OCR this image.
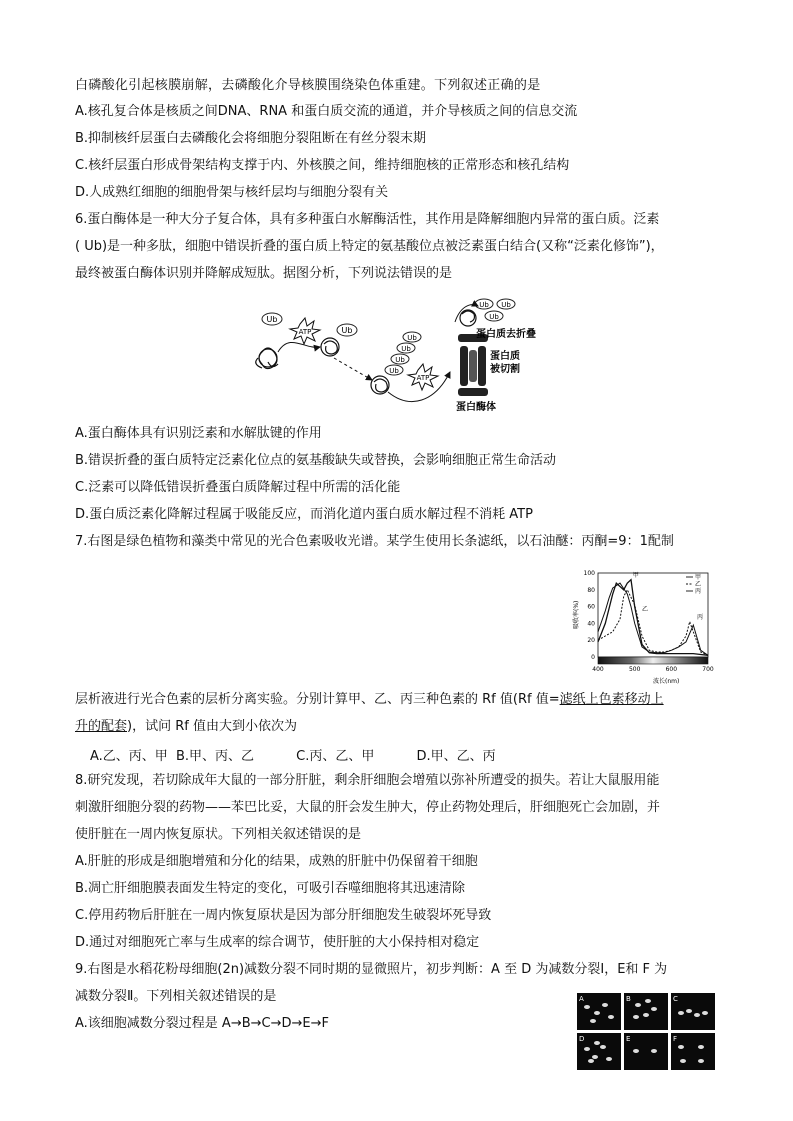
白磷酸化引起核膜崩解，去磷酸化介导核膜围绕染色体重建。下列叙述正确的是
A.核孔复合体是核质之间DNA、RNA 和蛋白质交流的通道，并介导核质之间的信息交流
B.抑制核纤层蛋白去磷酸化会将细胞分裂阻断在有丝分裂末期
C.核纤层蛋白形成骨架结构支撑于内、外核膜之间，维持细胞核的正常形态和核孔结构
D.人成熟红细胞的细胞骨架与核纤层均与细胞分裂有关
6.蛋白酶体是一种大分子复合体，具有多种蛋白水解酶活性，其作用是降解细胞内异常的蛋白质。泛素
( Ub)是一种多肽，细胞中错误折叠的蛋白质上特定的氨基酸位点被泛素蛋白结合(又称“泛素化修饰”)，
最终被蛋白酶体识别并降解成短肽。据图分析，下列说法错误的是
Ub
ATP	Ub
Ub
Ub
Ub
Ub
ATP
Ub Ub
Ub
蛋白质去折叠
蛋白质
被切割
蛋白酶体
A.蛋白酶体具有识别泛素和水解肽键的作用
B.错误折叠的蛋白质特定泛素化位点的氨基酸缺失或替换，会影响细胞正常生命活动
C.泛素可以降低错误折叠蛋白质降解过程中所需的活化能
D.蛋白质泛素化降解过程属于吸能反应，而消化道内蛋白质水解过程不消耗 ATP
7.右图是绿色植物和藻类中常见的光合色素吸收光谱。某学生使用长条滤纸，以石油醚：丙酮=9：1配制
100
80
60
40
20
0
400	500	600	700
甲
乙
丙
甲
乙
丙
吸收率(%)
波长(nm)
层析液进行光合色素的层析分离实验。分别计算甲、乙、丙三种色素的 Rf 值(Rf 值=滤纸上色素移动上
升的配套)，试问 Rf 值由大到小依次为
A.乙、丙、甲 B.甲、丙、乙	C.丙、乙、甲	D.甲、乙、丙
8.研究发现，若切除成年大鼠的一部分肝脏，剩余肝细胞会增殖以弥补所遭受的损失。若让大鼠服用能
刺激肝细胞分裂的药物——苯巴比妥，大鼠的肝会发生肿大，停止药物处理后，肝细胞死亡会加剧，并
使肝脏在一周内恢复原状。下列相关叙述错误的是
A.肝脏的形成是细胞增殖和分化的结果，成熟的肝脏中仍保留着干细胞
B.凋亡肝细胞膜表面发生特定的变化，可吸引吞噬细胞将其迅速清除
C.停用药物后肝脏在一周内恢复原状是因为部分肝细胞发生破裂坏死导致
D.通过对细胞死亡率与生成率的综合调节，使肝脏的大小保持相对稳定
9.右图是水稻花粉母细胞(2n)减数分裂不同时期的显微照片，初步判断：A 至 D 为减数分裂Ⅰ，E和 F 为
减数分裂Ⅱ。下列相关叙述错误的是
A.该细胞减数分裂过程是 A→B→C→D→E→F
A	B	C
D	E	F
